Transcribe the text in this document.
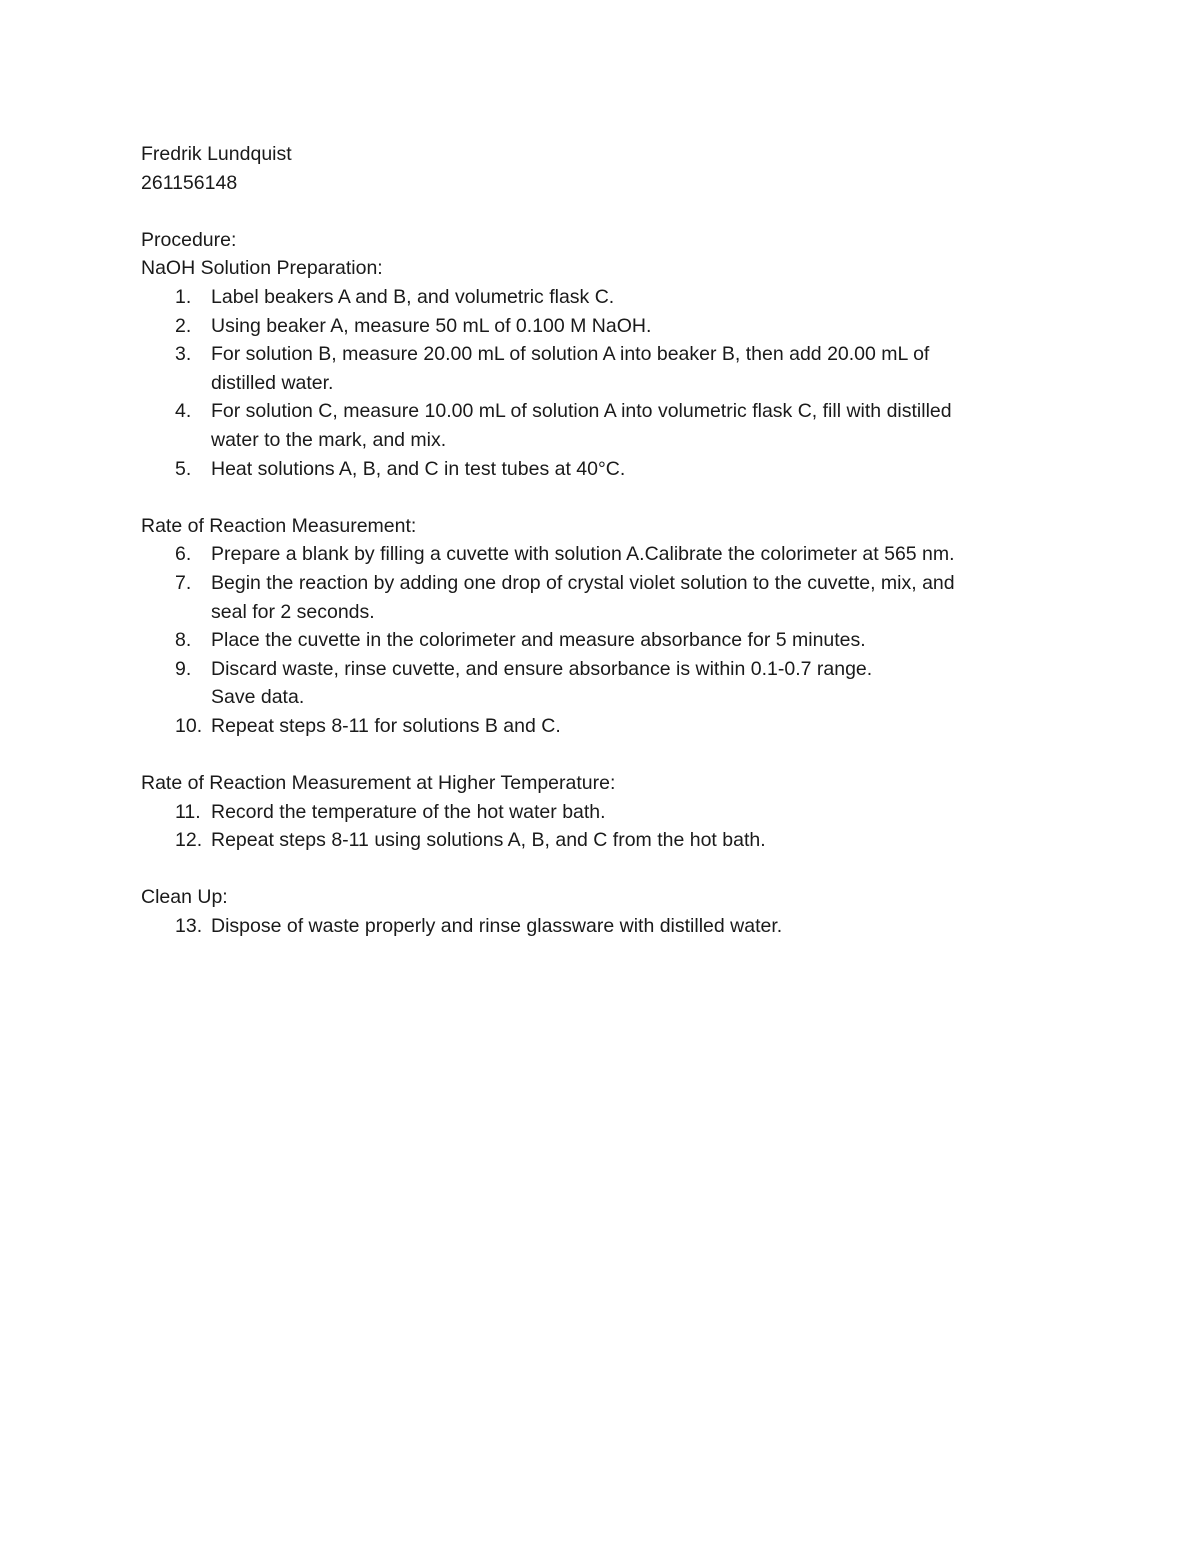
Fredrik Lundquist
261156148
Procedure:
NaOH Solution Preparation:
1.	Label beakers A and B, and volumetric flask C.
2.	Using beaker A, measure 50 mL of 0.100 M NaOH.
3.	For solution B, measure 20.00 mL of solution A into beaker B, then add 20.00 mL of
distilled water.
4.	For solution C, measure 10.00 mL of solution A into volumetric flask C, fill with distilled
water to the mark, and mix.
5.	Heat solutions A, B, and C in test tubes at 40°C.
Rate of Reaction Measurement:
6.	Prepare a blank by filling a cuvette with solution A.Calibrate the colorimeter at 565 nm.
7.	Begin the reaction by adding one drop of crystal violet solution to the cuvette, mix, and
seal for 2 seconds.
8.	Place the cuvette in the colorimeter and measure absorbance for 5 minutes.
9.	Discard waste, rinse cuvette, and ensure absorbance is within 0.1-0.7 range.
Save data.
10. Repeat steps 8-11 for solutions B and C.
Rate of Reaction Measurement at Higher Temperature:
11. Record the temperature of the hot water bath.
12. Repeat steps 8-11 using solutions A, B, and C from the hot bath.
Clean Up:
13. Dispose of waste properly and rinse glassware with distilled water.
